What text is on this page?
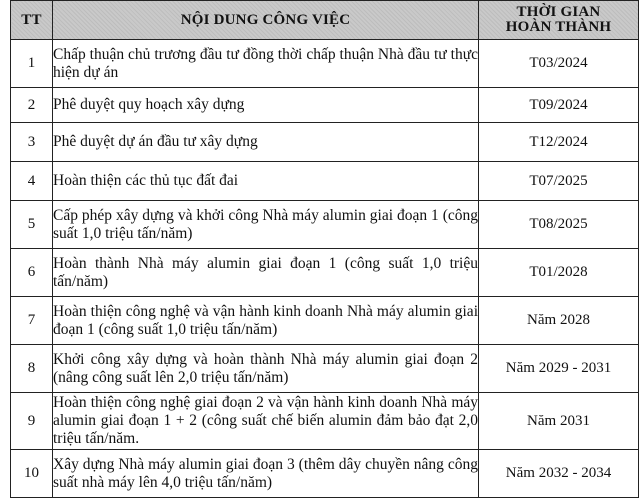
TT	NỘI DUNG CÔNG VIỆC	THỜI GIAN
HOÀN THÀNH
1	Chấp thuận chủ trương đầu tư đồng thời chấp thuận Nhà đầu tư thực hiện dự án	T03/2024
2	Phê duyệt quy hoạch xây dựng	T09/2024
3	Phê duyệt dự án đầu tư xây dựng	T12/2024
4	Hoàn thiện các thủ tục đất đai	T07/2025
5	Cấp phép xây dựng và khởi công Nhà máy alumin giai đoạn 1 (công suất 1,0 triệu tấn/năm)	T08/2025
6	Hoàn thành Nhà máy alumin giai đoạn 1 (công suất 1,0 triệu tấn/năm)	T01/2028
7	Hoàn thiện công nghệ và vận hành kinh doanh Nhà máy alumin giai đoạn 1 (công suất 1,0 triệu tấn/năm)	Năm 2028
8	Khởi công xây dựng và hoàn thành Nhà máy alumin giai đoạn 2 (nâng công suất lên 2,0 triệu tấn/năm)	Năm 2029 - 2031
9	Hoàn thiện công nghệ giai đoạn 2 và vận hành kinh doanh Nhà máy alumin giai đoạn 1 + 2 (công suất chế biến alumin đảm bảo đạt 2,0 triệu tấn/năm.	Năm 2031
10	Xây dựng Nhà máy alumin giai đoạn 3 (thêm dây chuyền nâng công suất nhà máy lên 4,0 triệu tấn/năm)	Năm 2032 - 2034
